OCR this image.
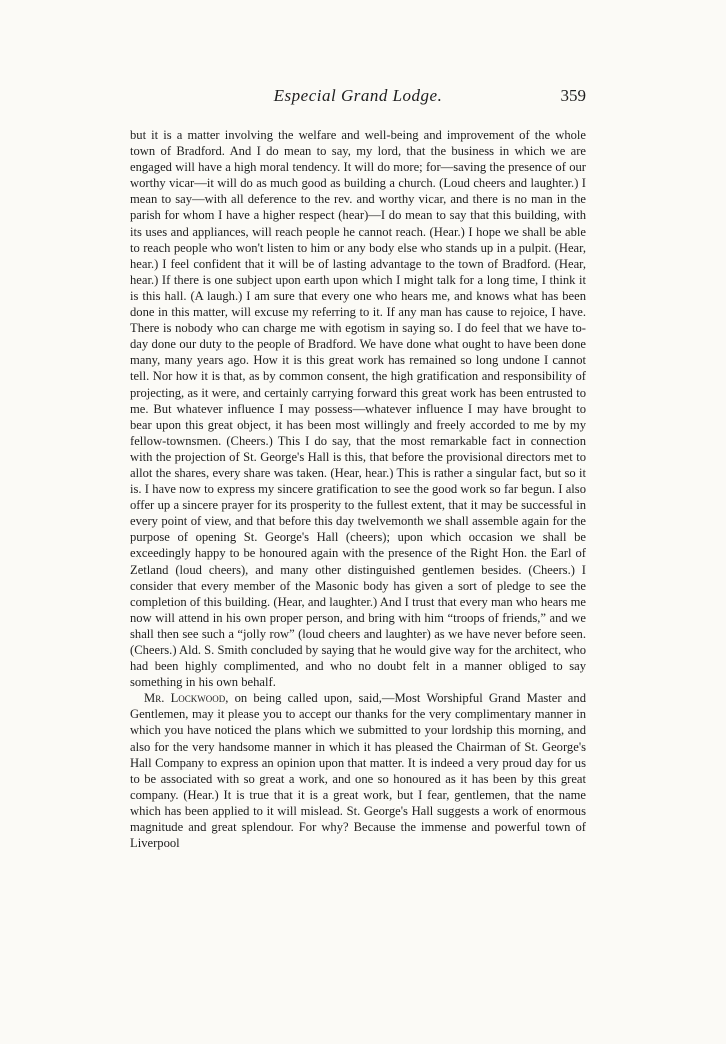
Especial Grand Lodge.	359

but it is a matter involving the welfare and well-being and improvement of the whole town of Bradford. And I do mean to say, my lord, that the business in which we are engaged will have a high moral tendency. It will do more; for—saving the presence of our worthy vicar—it will do as much good as building a church. (Loud cheers and laughter.) I mean to say—with all deference to the rev. and worthy vicar, and there is no man in the parish for whom I have a higher respect (hear)—I do mean to say that this building, with its uses and appliances, will reach people he cannot reach. (Hear.) I hope we shall be able to reach people who won't listen to him or any body else who stands up in a pulpit. (Hear, hear.) I feel confident that it will be of lasting advantage to the town of Bradford. (Hear, hear.) If there is one subject upon earth upon which I might talk for a long time, I think it is this hall. (A laugh.) I am sure that every one who hears me, and knows what has been done in this matter, will excuse my referring to it. If any man has cause to rejoice, I have. There is nobody who can charge me with egotism in saying so. I do feel that we have to-day done our duty to the people of Bradford. We have done what ought to have been done many, many years ago. How it is this great work has remained so long undone I cannot tell. Nor how it is that, as by common consent, the high gratification and responsibility of projecting, as it were, and certainly carrying forward this great work has been entrusted to me. But whatever influence I may possess—whatever influence I may have brought to bear upon this great object, it has been most willingly and freely accorded to me by my fellow-townsmen. (Cheers.) This I do say, that the most remarkable fact in connection with the projection of St. George's Hall is this, that before the provisional directors met to allot the shares, every share was taken. (Hear, hear.) This is rather a singular fact, but so it is. I have now to express my sincere gratification to see the good work so far begun. I also offer up a sincere prayer for its prosperity to the fullest extent, that it may be successful in every point of view, and that before this day twelvemonth we shall assemble again for the purpose of opening St. George's Hall (cheers); upon which occasion we shall be exceedingly happy to be honoured again with the presence of the Right Hon. the Earl of Zetland (loud cheers), and many other distinguished gentlemen besides. (Cheers.) I consider that every member of the Masonic body has given a sort of pledge to see the completion of this building. (Hear, and laughter.) And I trust that every man who hears me now will attend in his own proper person, and bring with him “troops of friends,” and we shall then see such a “jolly row” (loud cheers and laughter) as we have never before seen. (Cheers.) Ald. S. Smith concluded by saying that he would give way for the architect, who had been highly complimented, and who no doubt felt in a manner obliged to say something in his own behalf.

Mr. Lockwood, on being called upon, said,—Most Worshipful Grand Master and Gentlemen, may it please you to accept our thanks for the very complimentary manner in which you have noticed the plans which we submitted to your lordship this morning, and also for the very handsome manner in which it has pleased the Chairman of St. George's Hall Company to express an opinion upon that matter. It is indeed a very proud day for us to be associated with so great a work, and one so honoured as it has been by this great company. (Hear.) It is true that it is a great work, but I fear, gentlemen, that the name which has been applied to it will mislead. St. George's Hall suggests a work of enormous magnitude and great splendour. For why? Because the immense and powerful town of Liverpool
